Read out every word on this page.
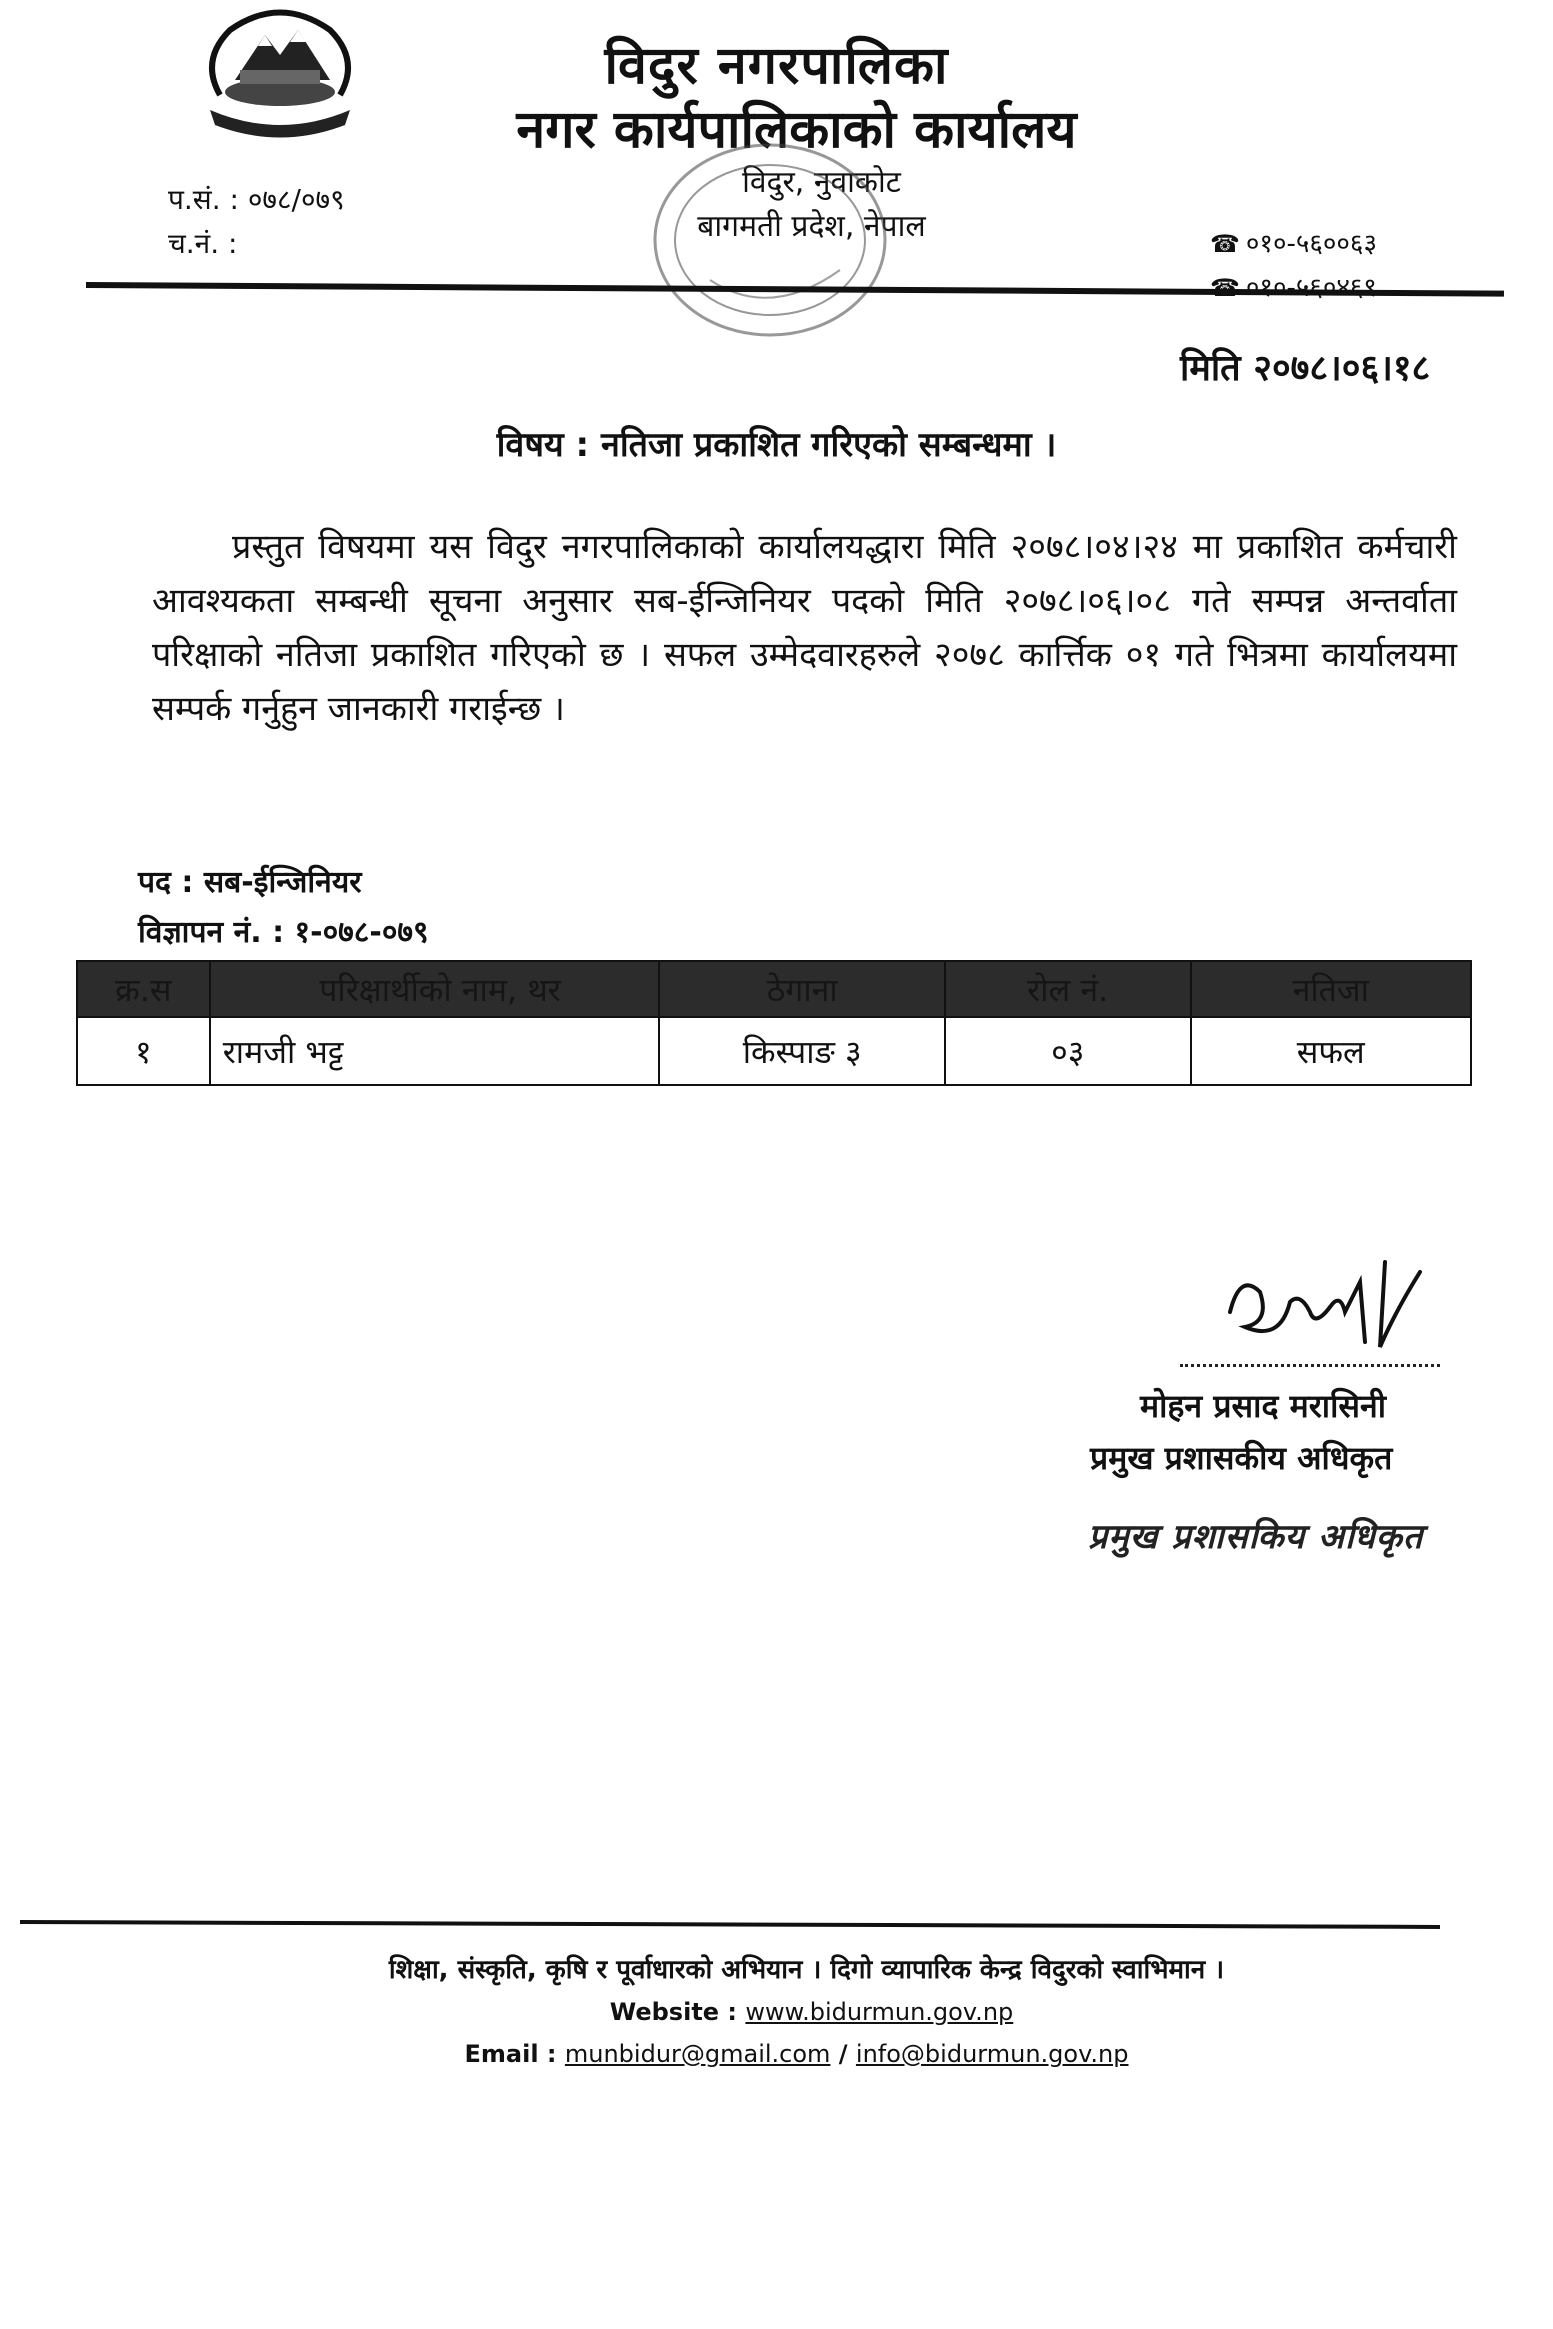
विदुर नगरपालिका
नगर कार्यपालिकाको कार्यालय
विदुर, नुवाकोट
बागमती प्रदेश, नेपाल
प.सं. : ०७८/०७९
च.नं. :	☎ ०१०-५६००६३
☎ ०१०-५६०४६९
मिति २०७८।०६।१८
विषय : नतिजा प्रकाशित गरिएको सम्बन्धमा ।
प्रस्तुत विषयमा यस विदुर नगरपालिकाको कार्यालयद्धारा मिति २०७८।०४।२४ मा प्रकाशित कर्मचारी आवश्यकता सम्बन्धी सूचना अनुसार सब-ईन्जिनियर पदको मिति २०७८।०६।०८ गते सम्पन्न अन्तर्वाता परिक्षाको नतिजा प्रकाशित गरिएको छ । सफल उम्मेदवारहरुले २०७८ कार्त्तिक ०१ गते भित्रमा कार्यालयमा सम्पर्क गर्नुहुन जानकारी गराईन्छ ।
पद : सब-ईन्जिनियर
विज्ञापन नं. : १-०७८-०७९
क्र.स	परिक्षार्थीको नाम, थर	ठेगाना	रोल नं.	नतिजा
१	रामजी भट्ट	किस्पाङ ३	०३	सफल
मोहन प्रसाद मरासिनी
प्रमुख प्रशासकीय अधिकृत
प्रमुख प्रशासकिय अधिकृत
शिक्षा, संस्कृति, कृषि र पूर्वाधारको अभियान । दिगो व्यापारिक केन्द्र विदुरको स्वाभिमान ।
Website : www.bidurmun.gov.np
Email : munbidur@gmail.com / info@bidurmun.gov.np
